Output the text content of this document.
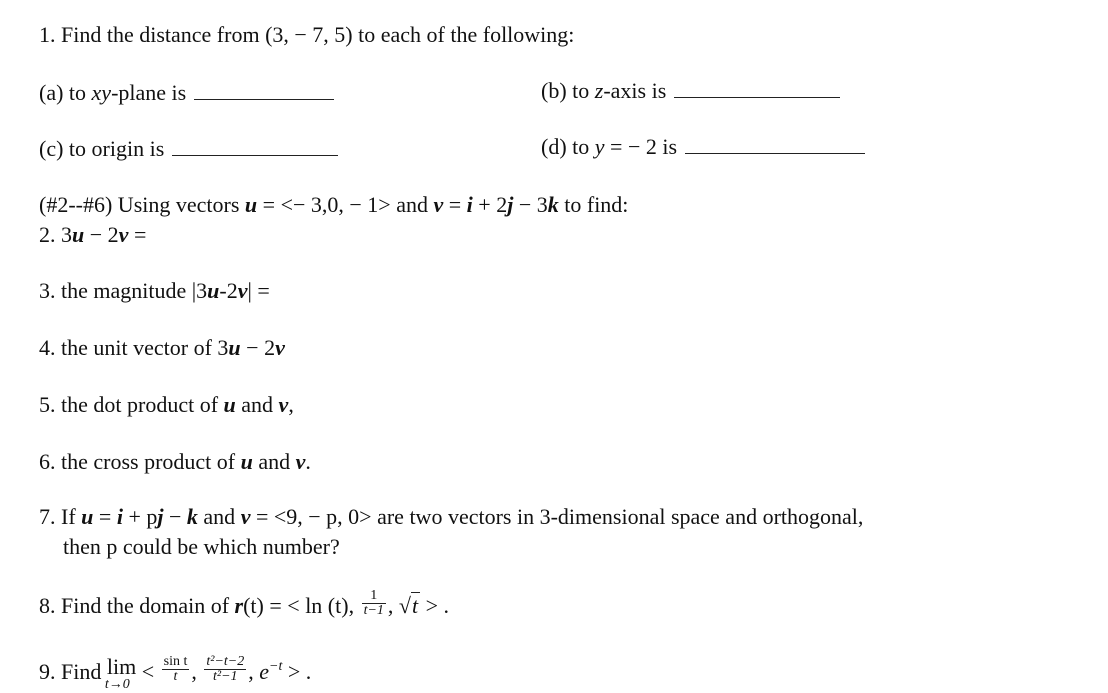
1. Find the distance from (3, − 7, 5) to each of the following:
(a) to xy-plane is	(b) to z-axis is
(c) to origin is	(d) to y = − 2 is
(#2--#6) Using vectors u = <− 3,0, − 1> and v = i + 2j − 3k to find:
2. 3u − 2v =
3. the magnitude |3u-2v| =
4. the unit vector of 3u − 2v
5. the dot product of u and v,
6. the cross product of u and v.
7. If u = i + pj − k and v = <9, − p, 0> are two vectors in 3-dimensional space and orthogonal,
then p could be which number?
8. Find the domain of r(t) = < ln (t), $\frac{1}{t-1}$ , √t > .
9. Find lim
t→0
< $\frac{\text{sin t}}{t}$ , $\frac{\text{t²−t−2}}{\text{t²−1}}$ , $e^{-t}$ > .
